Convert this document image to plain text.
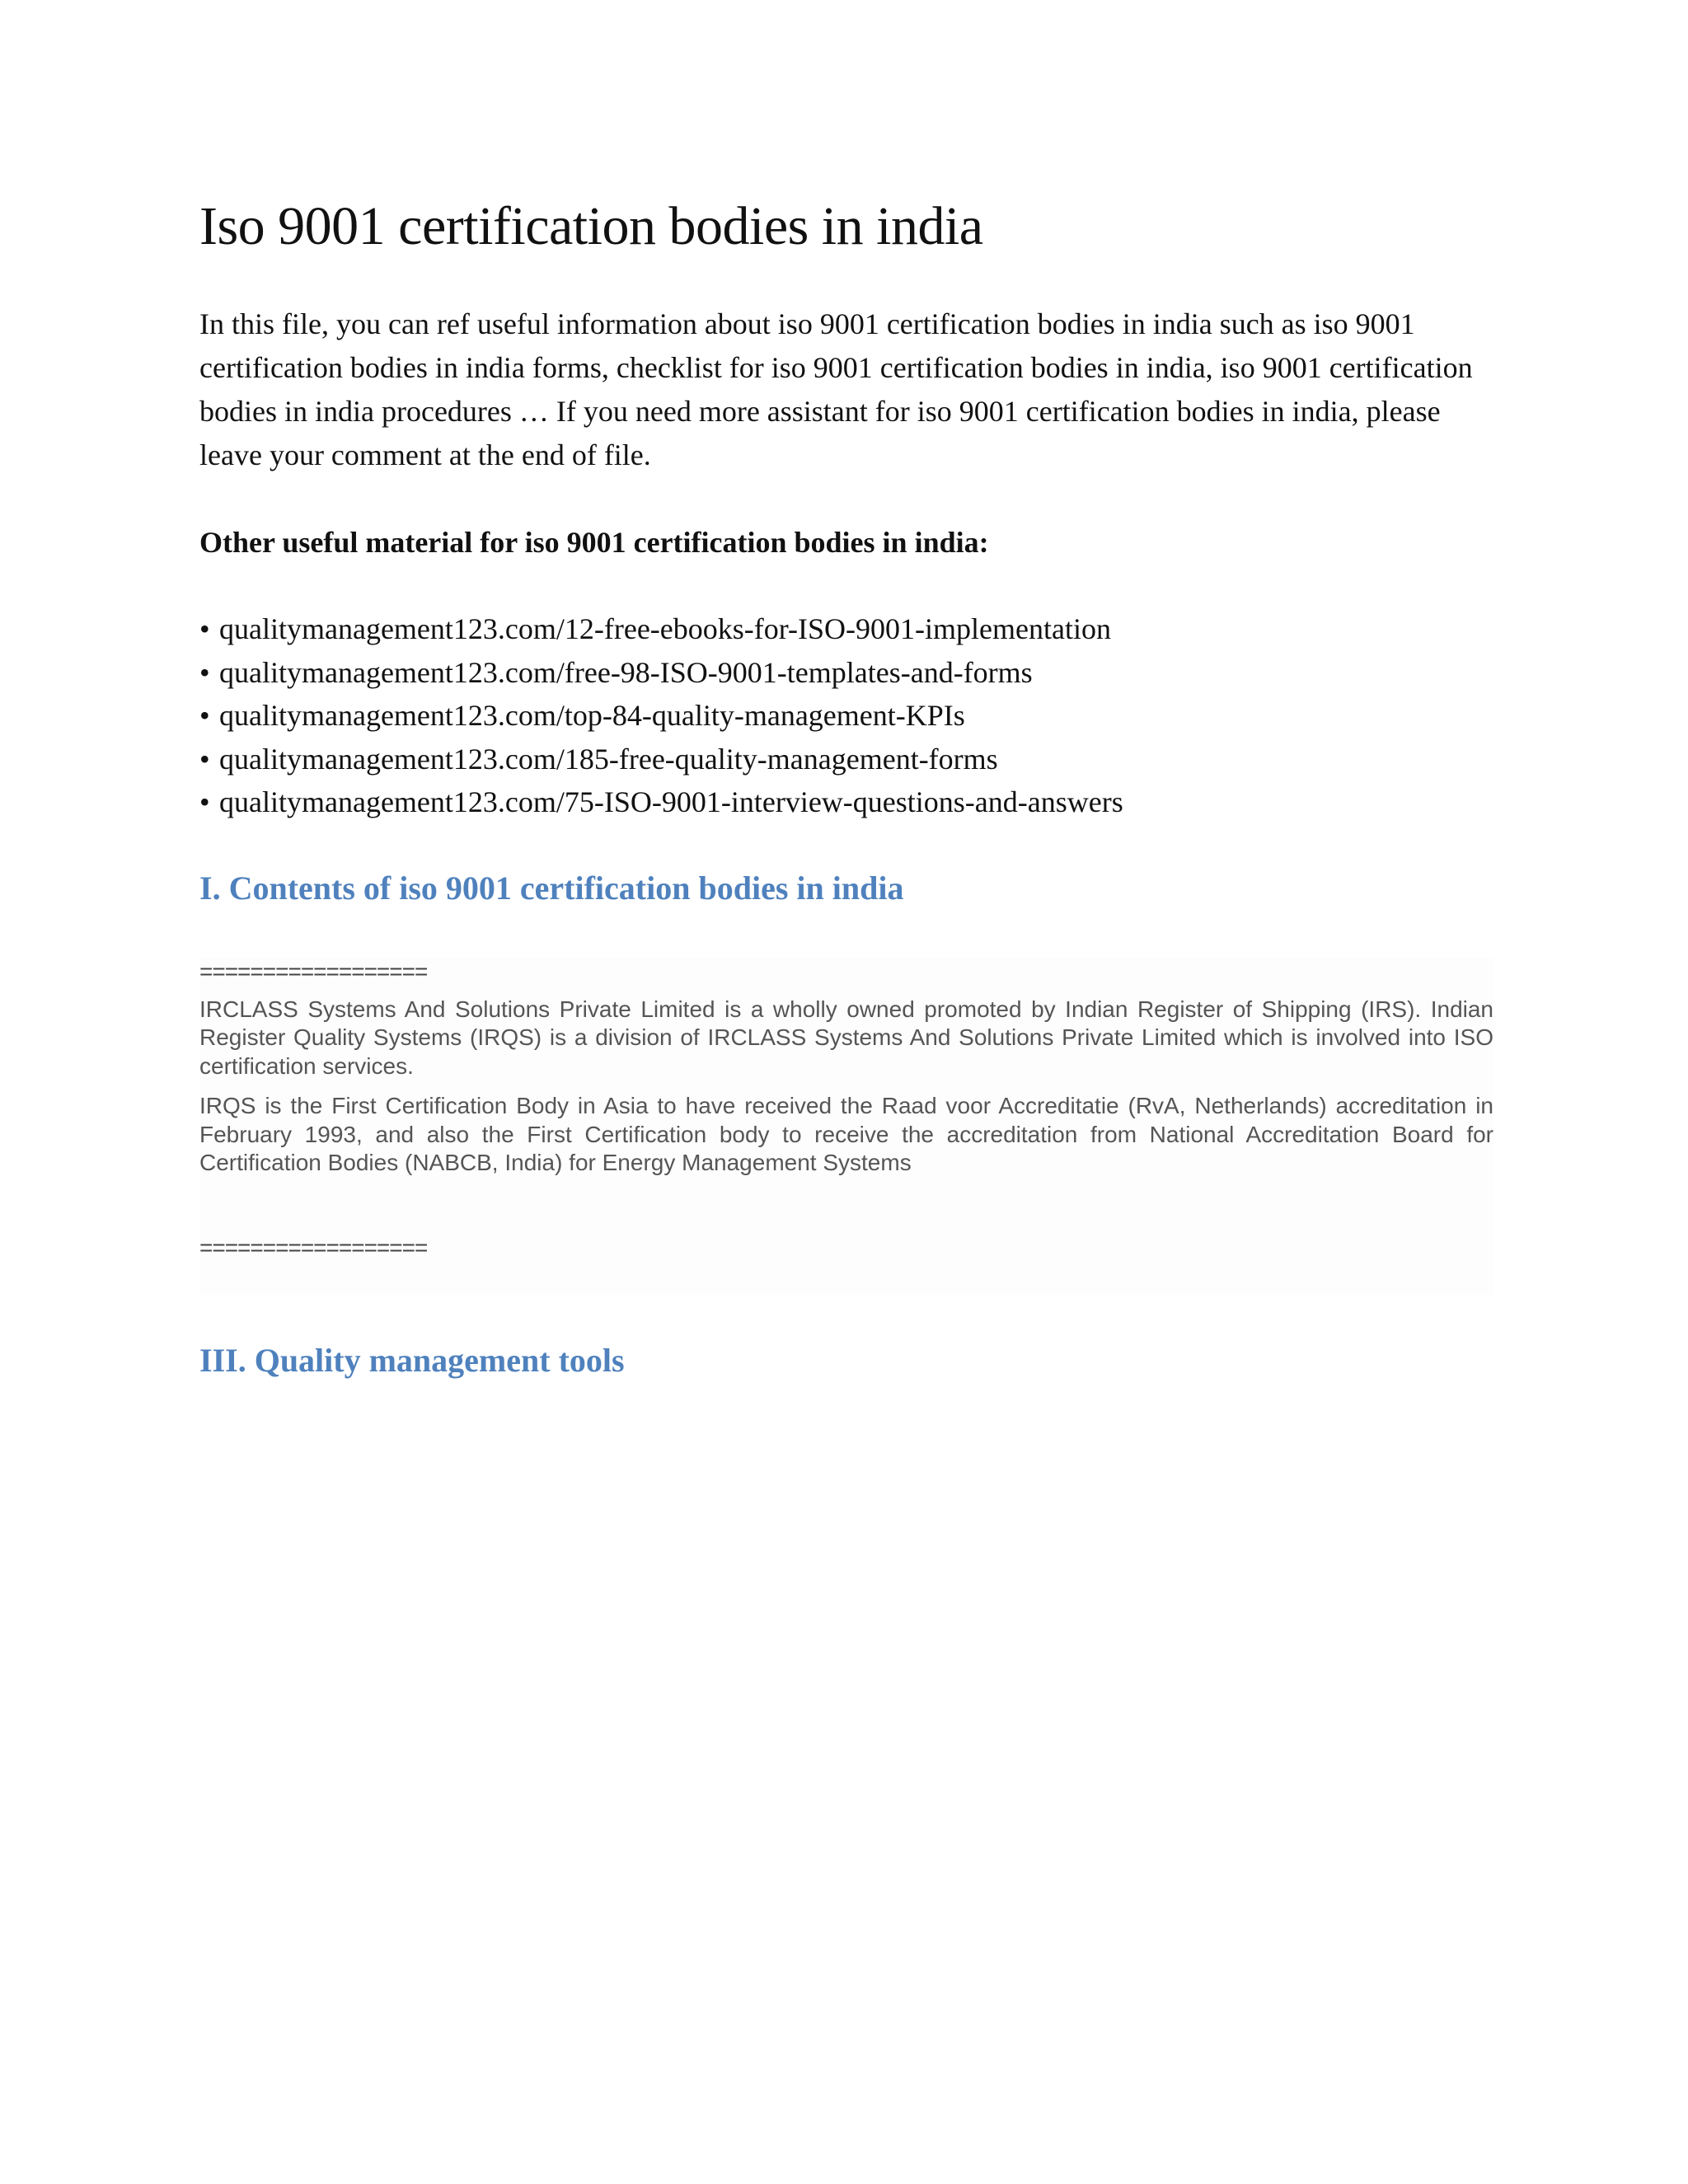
Iso 9001 certification bodies in india

In this file, you can ref useful information about iso 9001 certification bodies in india such as iso 9001 certification bodies in india forms, checklist for iso 9001 certification bodies in india, iso 9001 certification bodies in india procedures … If you need more assistant for iso 9001 certification bodies in india, please leave your comment at the end of file.

Other useful material for iso 9001 certification bodies in india:
• qualitymanagement123.com/12-free-ebooks-for-ISO-9001-implementation
• qualitymanagement123.com/free-98-ISO-9001-templates-and-forms
• qualitymanagement123.com/top-84-quality-management-KPIs
• qualitymanagement123.com/185-free-quality-management-forms
• qualitymanagement123.com/75-ISO-9001-interview-questions-and-answers
I. Contents of iso 9001 certification bodies in india
==================

IRCLASS Systems And Solutions Private Limited is a wholly owned promoted by Indian Register of Shipping (IRS). Indian Register Quality Systems (IRQS) is a division of IRCLASS Systems And Solutions Private Limited which is involved into ISO certification services.

IRQS is the First Certification Body in Asia to have received the Raad voor Accreditatie (RvA, Netherlands) accreditation in February 1993, and also the First Certification body to receive the accreditation from National Accreditation Board for Certification Bodies (NABCB, India) for Energy Management Systems

==================
III. Quality management tools
